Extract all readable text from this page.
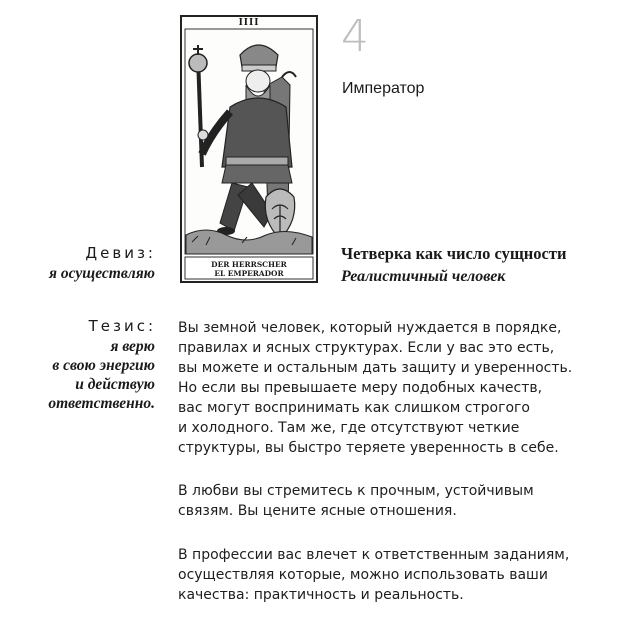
IIII
DER HERRSCHER
EL EMPERADOR
4
Император
Девиз:
я осуществляю
Тезис:
я верю
в свою энергию
и действую
ответственно.
Четверка как число сущности
Реалистичный человек
Вы земной человек, который нуждается в порядке,
правилах и ясных структурах. Если у вас это есть,
вы можете и остальным дать защиту и уверенность.
Но если вы превышаете меру подобных качеств,
вас могут воспринимать как слишком строгого
и холодного. Там же, где отсутствуют четкие
структуры, вы быстро теряете уверенность в себе.
В любви вы стремитесь к прочным, устойчивым
связям. Вы цените ясные отношения.
В профессии вас влечет к ответственным заданиям,
осуществляя которые, можно использовать ваши
качества: практичность и реальность.
